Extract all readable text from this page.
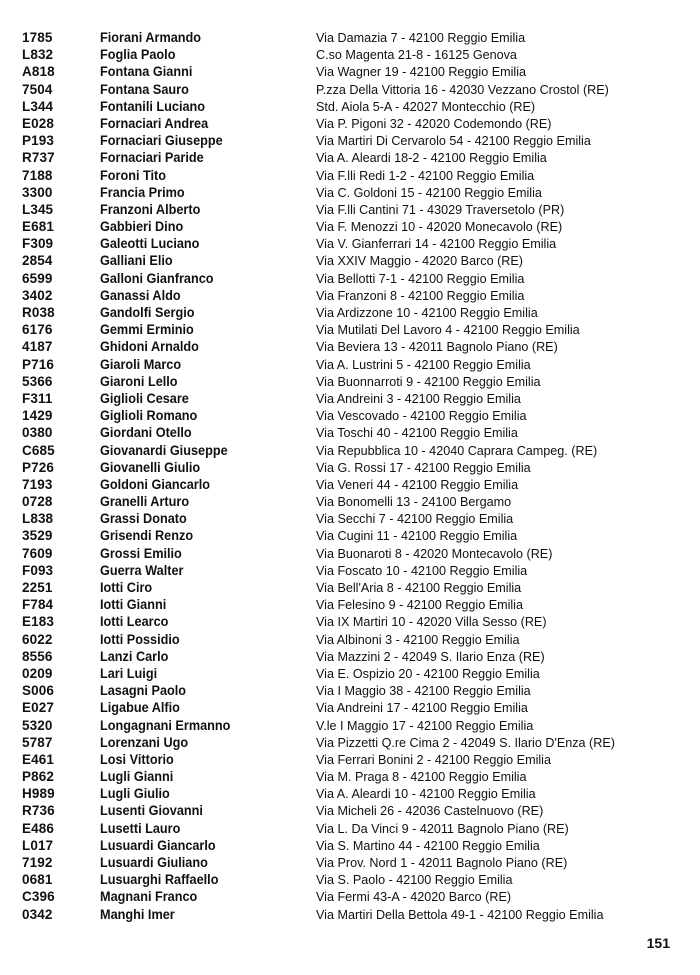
1785	Fiorani Armando	Via Damazia 7 - 42100 Reggio Emilia
L832	Foglia Paolo	C.so Magenta 21-8 - 16125 Genova
A818	Fontana Gianni	Via Wagner 19 - 42100 Reggio Emilia
7504	Fontana Sauro	P.zza Della Vittoria 16 - 42030 Vezzano Crostol (RE)
L344	Fontanili Luciano	Std. Aiola 5-A - 42027 Montecchio (RE)
E028	Fornaciari Andrea	Via P. Pigoni 32 - 42020 Codemondo (RE)
P193	Fornaciari Giuseppe	Via Martiri Di Cervarolo 54 - 42100 Reggio Emilia
R737	Fornaciari Paride	Via A. Aleardi 18-2 - 42100 Reggio Emilia
7188	Foroni Tito	Via F.lli Redi 1-2 - 42100 Reggio Emilia
3300	Francia Primo	Via C. Goldoni 15 - 42100 Reggio Emilia
L345	Franzoni Alberto	Via F.lli Cantini 71 - 43029 Traversetolo (PR)
E681	Gabbieri Dino	Via F. Menozzi 10 - 42020 Monecavolo (RE)
F309	Galeotti Luciano	Via V. Gianferrari 14 - 42100 Reggio Emilia
2854	Galliani Elio	Via XXIV Maggio - 42020 Barco (RE)
6599	Galloni Gianfranco	Via Bellotti 7-1 - 42100 Reggio Emilia
3402	Ganassi Aldo	Via Franzoni 8 - 42100 Reggio Emilia
R038	Gandolfi Sergio	Via Ardizzone 10 - 42100 Reggio Emilia
6176	Gemmi Erminio	Via Mutilati Del Lavoro 4 - 42100 Reggio Emilia
4187	Ghidoni Arnaldo	Via Beviera 13 - 42011 Bagnolo Piano (RE)
P716	Giaroli Marco	Via A. Lustrini 5 - 42100 Reggio Emilia
5366	Giaroni Lello	Via Buonnarroti 9 - 42100 Reggio Emilia
F311	Giglioli Cesare	Via Andreini 3 - 42100 Reggio Emilia
1429	Giglioli Romano	Via Vescovado - 42100 Reggio Emilia
0380	Giordani Otello	Via Toschi 40 - 42100 Reggio Emilia
C685	Giovanardi Giuseppe	Via Repubblica 10 - 42040 Caprara Campeg. (RE)
P726	Giovanelli Giulio	Via G. Rossi 17 - 42100 Reggio Emilia
7193	Goldoni Giancarlo	Via Veneri 44 - 42100 Reggio Emilia
0728	Granelli Arturo	Via Bonomelli 13 - 24100 Bergamo
L838	Grassi Donato	Via Secchi 7 - 42100 Reggio Emilia
3529	Grisendi Renzo	Via Cugini 11 - 42100 Reggio Emilia
7609	Grossi Emilio	Via Buonaroti 8 - 42020 Montecavolo (RE)
F093	Guerra Walter	Via Foscato 10 - 42100 Reggio Emilia
2251	Iotti Ciro	Via Bell'Aria 8 - 42100 Reggio Emilia
F784	Iotti Gianni	Via Felesino 9 - 42100 Reggio Emilia
E183	Iotti Learco	Via IX Martiri 10 - 42020 Villa Sesso (RE)
6022	Iotti Possidio	Via Albinoni 3 - 42100 Reggio Emilia
8556	Lanzi Carlo	Via Mazzini 2 - 42049 S. Ilario Enza (RE)
0209	Lari Luigi	Via E. Ospizio 20 - 42100 Reggio Emilia
S006	Lasagni Paolo	Via I Maggio 38 - 42100 Reggio Emilia
E027	Ligabue Alfio	Via Andreini 17 - 42100 Reggio Emilia
5320	Longagnani Ermanno	V.le I Maggio 17 - 42100 Reggio Emilia
5787	Lorenzani Ugo	Via Pizzetti Q.re Cima 2 - 42049 S. Ilario D'Enza (RE)
E461	Losi Vittorio	Via Ferrari Bonini 2 - 42100 Reggio Emilia
P862	Lugli Gianni	Via M. Praga 8 - 42100 Reggio Emilia
H989	Lugli Giulio	Via A. Aleardi 10 - 42100 Reggio Emilia
R736	Lusenti Giovanni	Via Micheli 26 - 42036 Castelnuovo (RE)
E486	Lusetti Lauro	Via L. Da Vinci 9 - 42011 Bagnolo Piano (RE)
L017	Lusuardi Giancarlo	Via S. Martino 44 - 42100 Reggio Emilia
7192	Lusuardi Giuliano	Via Prov. Nord 1 - 42011 Bagnolo Piano (RE)
0681	Lusuarghi Raffaello	Via S. Paolo - 42100 Reggio Emilia
C396	Magnani Franco	Via Fermi 43-A - 42020 Barco (RE)
0342	Manghi Imer	Via Martiri Della Bettola 49-1 - 42100 Reggio Emilia
151
